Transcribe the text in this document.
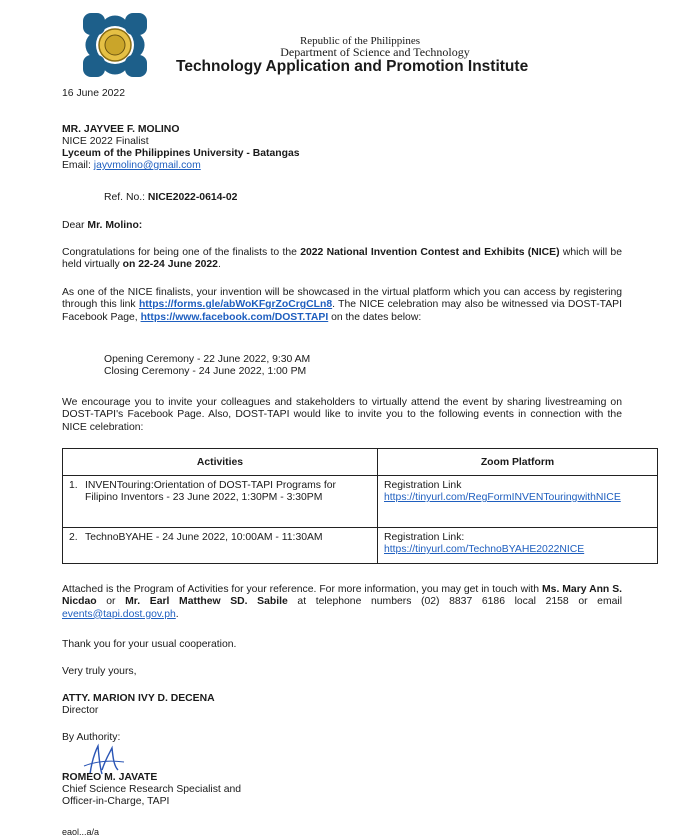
Republic of the Philippines
Department of Science and Technology
Technology Application and Promotion Institute
16 June 2022
MR. JAYVEE F. MOLINO
NICE 2022 Finalist
Lyceum of the Philippines University - Batangas
Email: jayvmolino@gmail.com
Ref. No.: NICE2022-0614-02
Dear Mr. Molino:
Congratulations for being one of the finalists to the 2022 National Invention Contest and Exhibits (NICE) which will be held virtually on 22-24 June 2022.
As one of the NICE finalists, your invention will be showcased in the virtual platform which you can access by registering through this link https://forms.gle/abWoKFgrZoCrgCLn8. The NICE celebration may also be witnessed via DOST-TAPI Facebook Page, https://www.facebook.com/DOST.TAPI on the dates below:
Opening Ceremony - 22 June 2022, 9:30 AM
Closing Ceremony - 24 June 2022, 1:00 PM
We encourage you to invite your colleagues and stakeholders to virtually attend the event by sharing livestreaming on DOST-TAPI's Facebook Page. Also, DOST-TAPI would like to invite you to the following events in connection with the NICE celebration:
Activities	Zoom Platform
1. INVENTouring:Orientation of DOST-TAPI Programs for Filipino Inventors - 23 June 2022, 1:30PM - 3:30PM	Registration Link
https://tinyurl.com/RegFormINVENTouringwithNICE
2. TechnoBYAHE - 24 June 2022, 10:00AM - 11:30AM	Registration Link:
https://tinyurl.com/TechnoBYAHE2022NICE
Attached is the Program of Activities for your reference. For more information, you may get in touch with Ms. Mary Ann S. Nicdao or Mr. Earl Matthew SD. Sabile at telephone numbers (02) 8837 6186 local 2158 or email events@tapi.dost.gov.ph.
Thank you for your usual cooperation.
Very truly yours,
ATTY. MARION IVY D. DECENA
Director
By Authority:
ROMEO M. JAVATE
Chief Science Research Specialist and
Officer-in-Charge, TAPI
eaol...a/a
